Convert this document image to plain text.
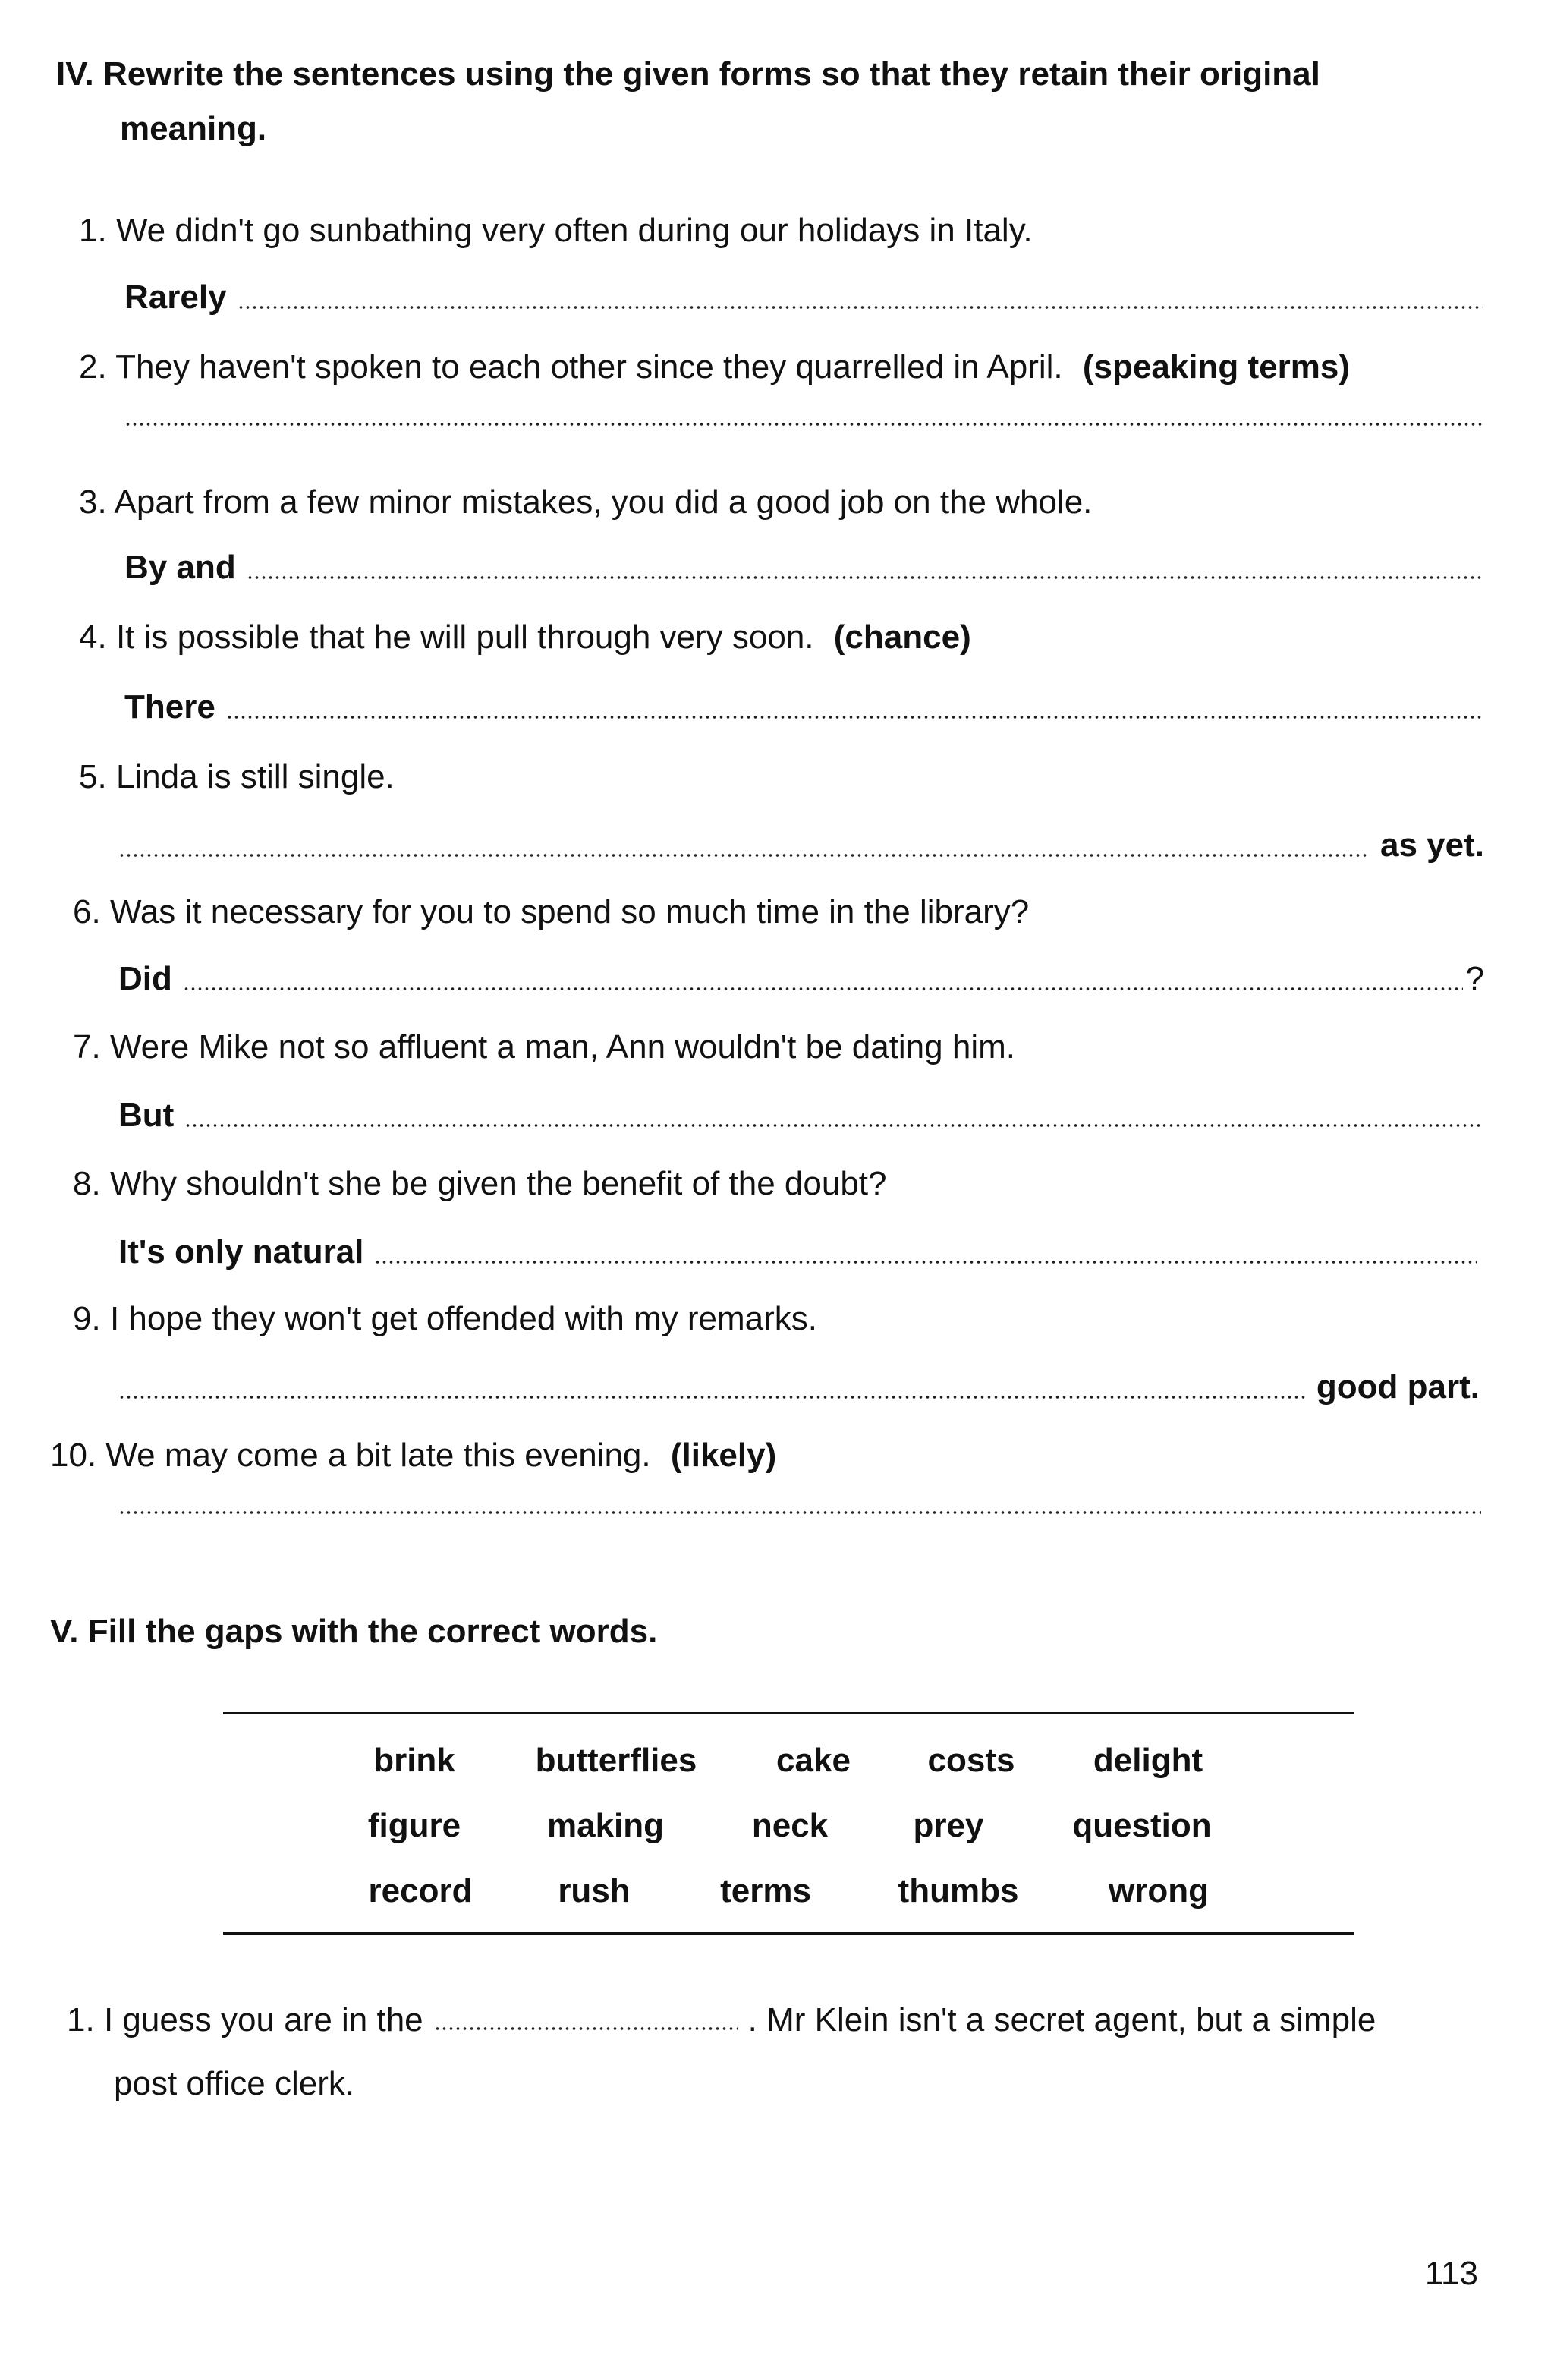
IV. Rewrite the sentences using the given forms so that they retain their original
meaning.
1. We didn't go sunbathing very often during our holidays in Italy.
Rarely
2. They haven't spoken to each other since they quarrelled in April. (speaking terms)
3. Apart from a few minor mistakes, you did a good job on the whole.
By and
4. It is possible that he will pull through very soon. (chance)
There
5. Linda is still single.
as yet.
6. Was it necessary for you to spend so much time in the library?
Did	?
7. Were Mike not so affluent a man, Ann wouldn't be dating him.
But
8. Why shouldn't she be given the benefit of the doubt?
It's only natural
9. I hope they won't get offended with my remarks.
good part.
10. We may come a bit late this evening. (likely)
V. Fill the gaps with the correct words.
brink butterflies cake costs delight
figure	making	neck	prey	question
record	rush	terms	thumbs	wrong
1. I guess you are in the	. Mr Klein isn't a secret agent, but a simple
post office clerk.
113
